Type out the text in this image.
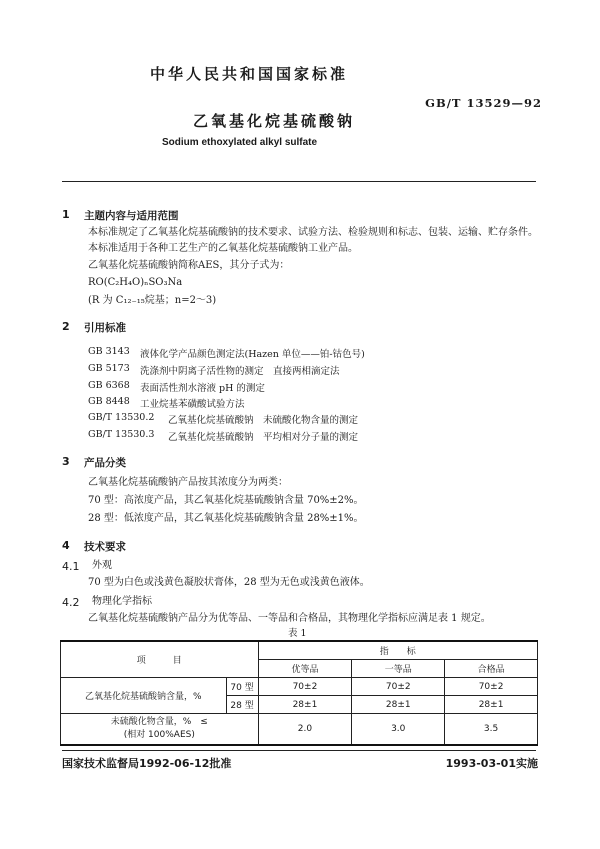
中华人民共和国国家标准
GB/T 13529—92
乙氧基化烷基硫酸钠
Sodium ethoxylated alkyl sulfate
1 主题内容与适用范围
本标准规定了乙氧基化烷基硫酸钠的技术要求、试验方法、检验规则和标志、包装、运输、贮存条件。
本标准适用于各种工艺生产的乙氧基化烷基硫酸钠工业产品。
乙氧基化烷基硫酸钠简称AES，其分子式为：
RO(C₂H₄O)ₙSO₃Na
(R 为 C₁₂₋₁₅烷基；n=2～3)
2 引用标准
GB 3143 液体化学产品颜色测定法(Hazen 单位——铂-钴色号)
GB 5173 洗涤剂中阴离子活性物的测定　直接两相滴定法
GB 6368 表面活性剂水溶液 pH 的测定
GB 8448 工业烷基苯磺酸试验方法
GB/T 13530.2 乙氧基化烷基硫酸钠　未硫酸化物含量的测定
GB/T 13530.3 乙氧基化烷基硫酸钠　平均相对分子量的测定
3 产品分类
乙氧基化烷基硫酸钠产品按其浓度分为两类：
70 型：高浓度产品，其乙氧基化烷基硫酸钠含量 70%±2%。
28 型：低浓度产品，其乙氧基化烷基硫酸钠含量 28%±1%。
4 技术要求
4.1 外观
70 型为白色或浅黄色凝胶状膏体，28 型为无色或浅黄色液体。
4.2 物理化学指标
乙氧基化烷基硫酸钠产品分为优等品、一等品和合格品，其物理化学指标应满足表 1 规定。
表 1
项　　　目		指　　标		
		优等品	一等品	合格品
乙氧基化烷基硫酸钠含量，%	70 型	70±2	70±2	70±2
	28 型	28±1	28±1	28±1

未硫酸化物含量，%　≤
(相对 100%AES)		2.0	3.0	3.5
国家技术监督局1992-06-12批准	1993-03-01实施
